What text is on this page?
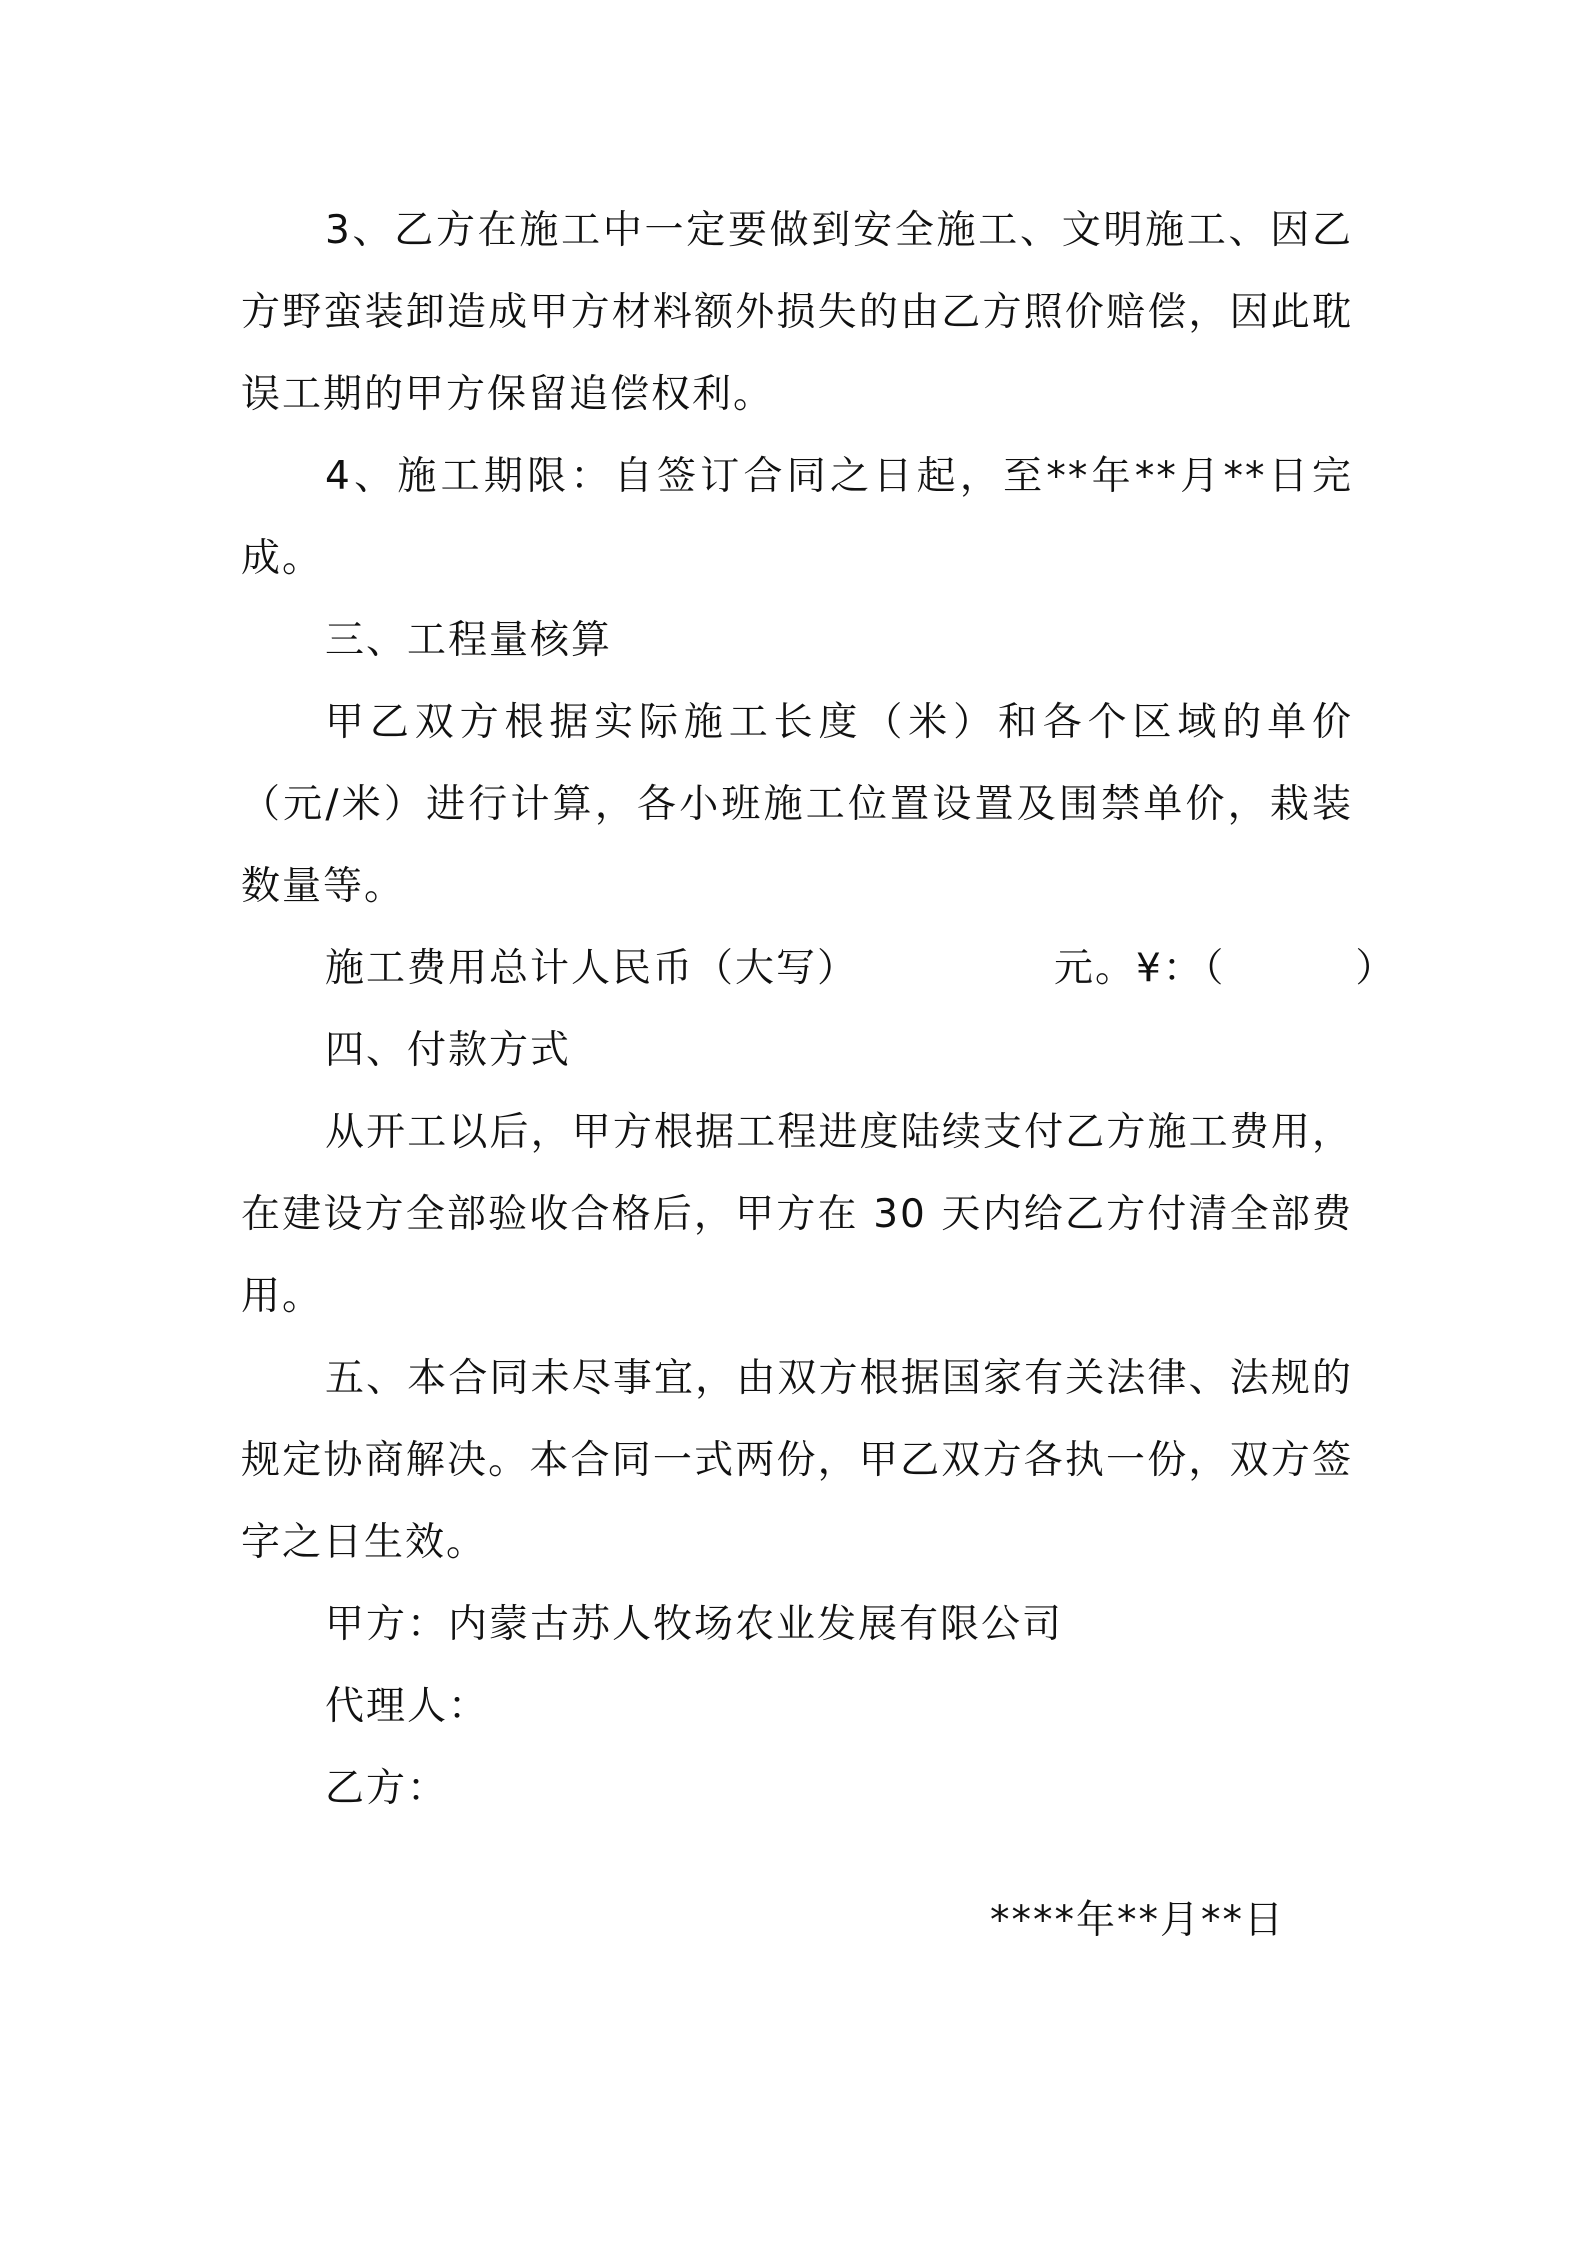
3、乙方在施工中一定要做到安全施工、文明施工、因乙方野蛮装卸造成甲方材料额外损失的由乙方照价赔偿，因此耽误工期的甲方保留追偿权利。

4、施工期限：自签订合同之日起，至**年**月**日完成。

三、工程量核算

甲乙双方根据实际施工长度（米）和各个区域的单价（元/米）进行计算，各小班施工位置设置及围禁单价，栽装数量等。

施工费用总计人民币（大写）	元。¥：（	）

四、付款方式

从开工以后，甲方根据工程进度陆续支付乙方施工费用，在建设方全部验收合格后，甲方在 30 天内给乙方付清全部费用。

五、本合同未尽事宜，由双方根据国家有关法律、法规的规定协商解决。本合同一式两份，甲乙双方各执一份，双方签字之日生效。

甲方：内蒙古苏人牧场农业发展有限公司

代理人：

乙方：

****年**月**日
